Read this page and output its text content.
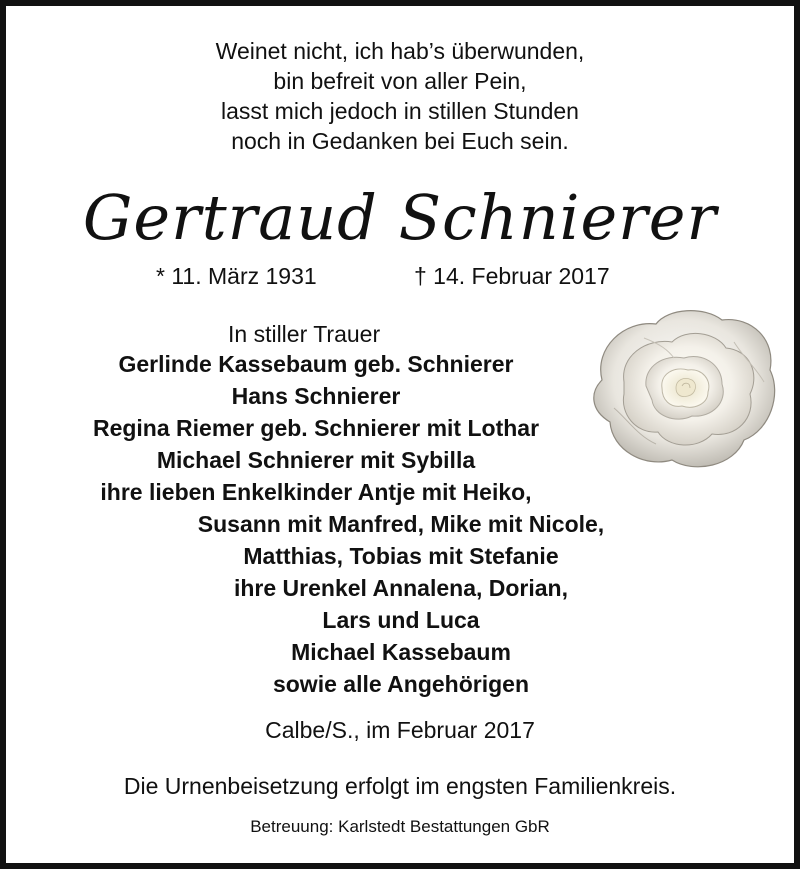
Weinet nicht, ich hab’s überwunden,
bin befreit von aller Pein,
lasst mich jedoch in stillen Stunden
noch in Gedanken bei Euch sein.
Gertraud Schnierer
* 11. März 1931	† 14. Februar 2017
In stiller Trauer
Gerlinde Kassebaum geb. Schnierer
Hans Schnierer
Regina Riemer geb. Schnierer mit Lothar
Michael Schnierer mit Sybilla
ihre lieben Enkelkinder Antje mit Heiko,
Susann mit Manfred, Mike mit Nicole,
Matthias, Tobias mit Stefanie
ihre Urenkel Annalena, Dorian,
Lars und Luca
Michael Kassebaum
sowie alle Angehörigen
Calbe/S., im Februar 2017
Die Urnenbeisetzung erfolgt im engsten Familienkreis.
Betreuung: Karlstedt Bestattungen GbR
